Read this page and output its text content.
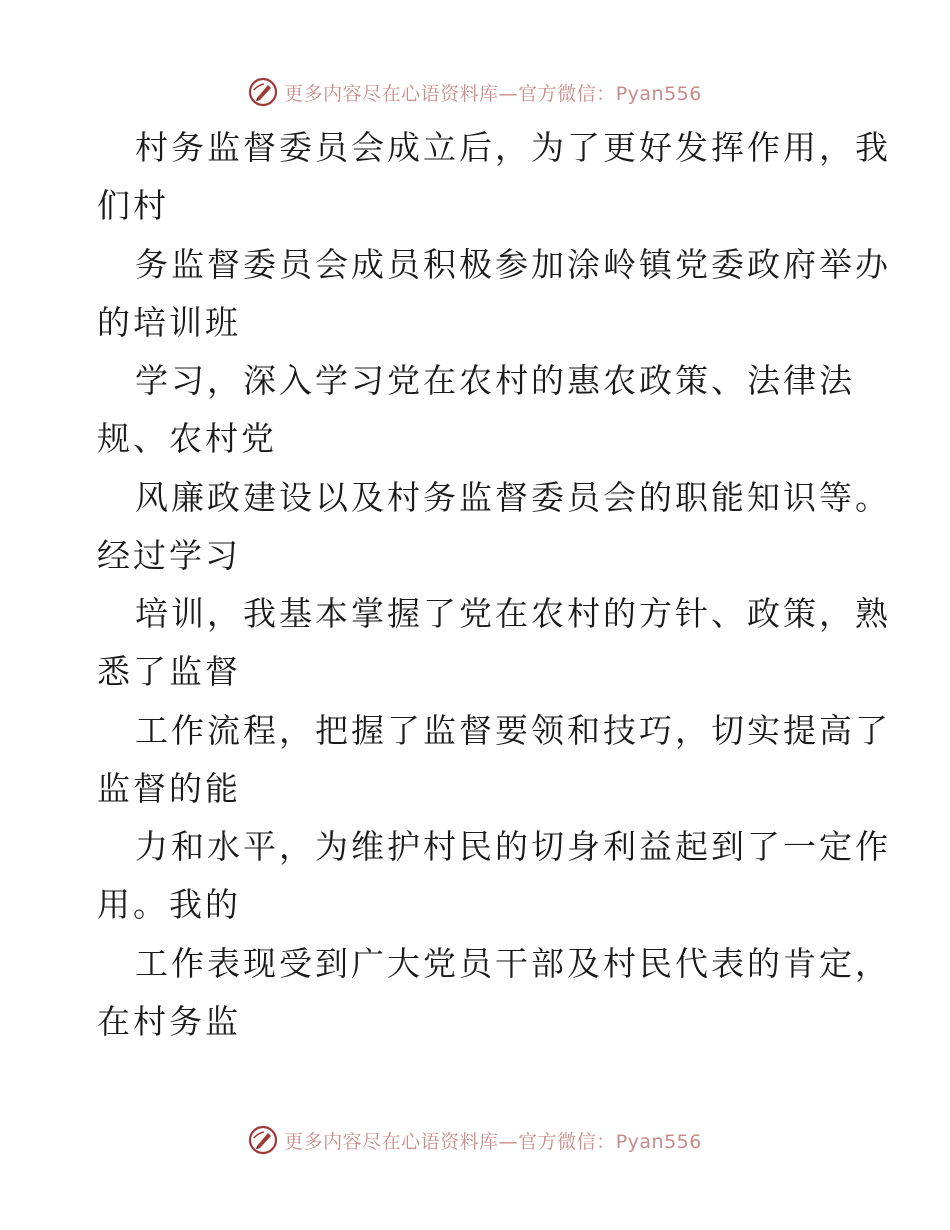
更多内容尽在心语资料库—官方微信：Pyan556
村务监督委员会成立后，为了更好发挥作用，我
们村
务监督委员会成员积极参加涂岭镇党委政府举办
的培训班
学习，深入学习党在农村的惠农政策、法律法
规、农村党
风廉政建设以及村务监督委员会的职能知识等。
经过学习
培训，我基本掌握了党在农村的方针、政策，熟
悉了监督
工作流程，把握了监督要领和技巧，切实提高了
监督的能
力和水平，为维护村民的切身利益起到了一定作
用。我的
工作表现受到广大党员干部及村民代表的肯定，
在村务监
更多内容尽在心语资料库—官方微信：Pyan556
